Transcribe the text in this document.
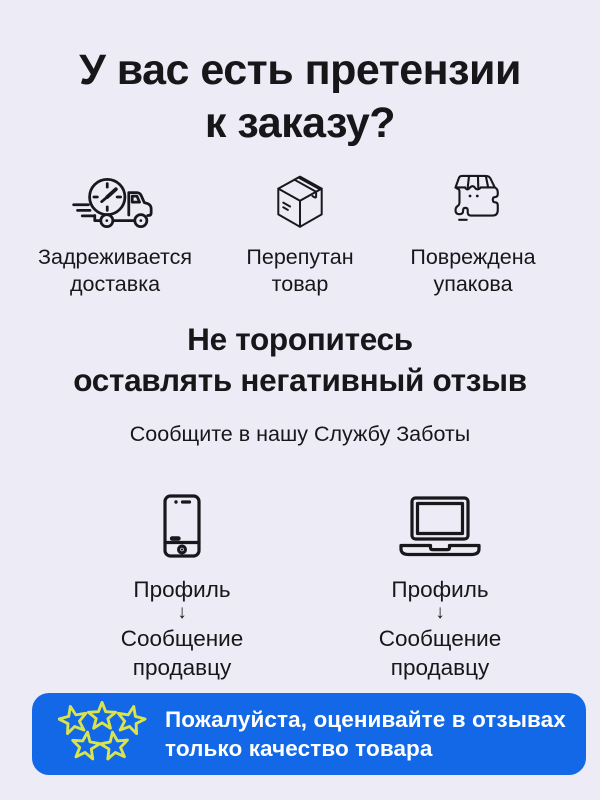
У вас есть претензии
к заказу?
Задреживается доставка
Перепутан товар
Повреждена упакова
Не торопитесь
оставлять негативный отзыв
Сообщите в нашу Службу Заботы
Профиль
↓
Сообщение продавцу
Профиль
↓
Сообщение продавцу
Пожалуйста, оценивайте в отзывах
только качество товара
